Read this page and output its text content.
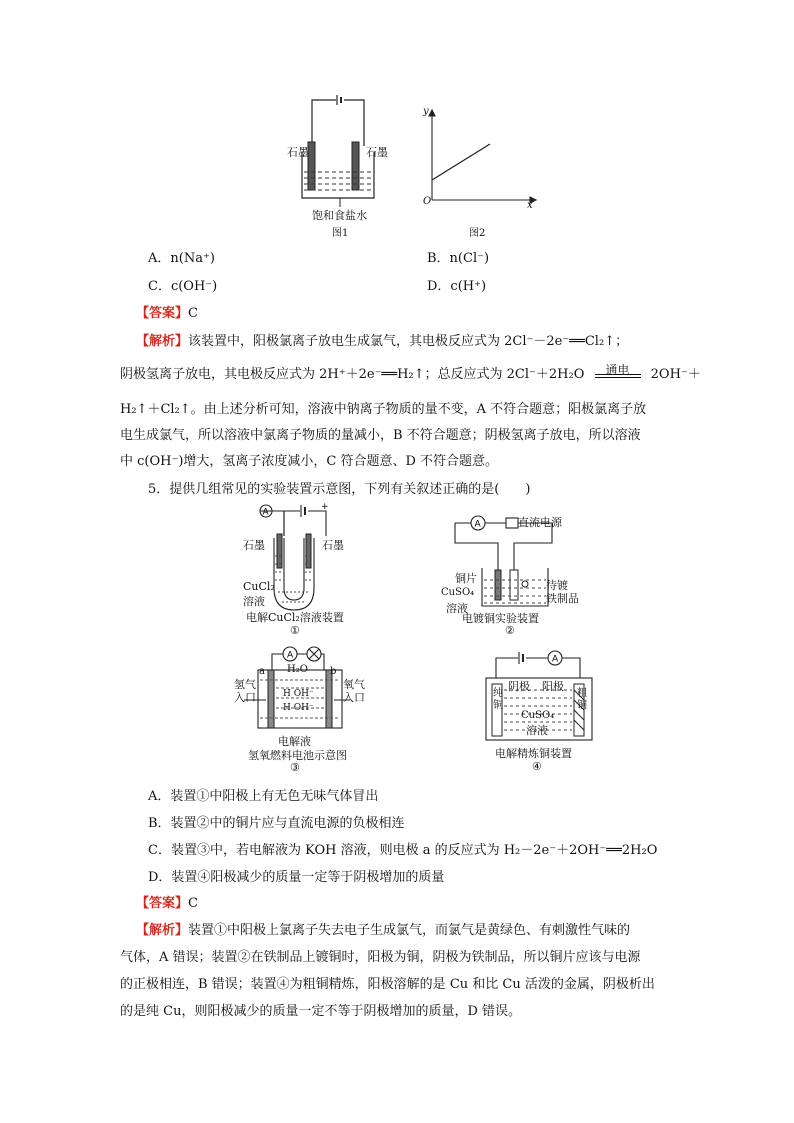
石墨	石墨
饱和食盐水
图1
y
O	x
图2
A．n(Na⁺)	B．n(Cl⁻)
C．c(OH⁻)	D．c(H⁺)
【答案】C
【解析】该装置中，阳极氯离子放电生成氯气，其电极反应式为 2Cl⁻－2e⁻══Cl₂↑；
阴极氢离子放电，其电极反应式为 2H⁺＋2e⁻══H₂↑；总反应式为 2Cl⁻＋2H₂O	通电	2OH⁻＋
H₂↑＋Cl₂↑。由上述分析可知，溶液中钠离子物质的量不变，A 不符合题意；阳极氯离子放
电生成氯气，所以溶液中氯离子物质的量减小，B 不符合题意；阴极氢离子放电，所以溶液
中 c(OH⁻)增大，氢离子浓度减小，C 符合题意、D 不符合题意。
5．提供几组常见的实验装置示意图，下列有关叙述正确的是(　　)
A
+
石墨	石墨
CuCl₂
溶液
电解CuCl₂溶液装置
①
A	直流电源
铜片
CuSO₄
溶液
待镀
铁制品
电镀铜实验装置
②
A
a	b
H₂O
氢气
入口
氧气
入口
H OH⁻
H OH⁻
电解液
氢氧燃料电池示意图
③
A
阴极 阳极
纯铜
粗铜
CuSO₄
溶液
电解精炼铜装置
④
A．装置①中阳极上有无色无味气体冒出
B．装置②中的铜片应与直流电源的负极相连
C．装置③中，若电解液为 KOH 溶液，则电极 a 的反应式为 H₂－2e⁻＋2OH⁻══2H₂O
D．装置④阳极减少的质量一定等于阴极增加的质量
【答案】C
【解析】装置①中阳极上氯离子失去电子生成氯气，而氯气是黄绿色、有刺激性气味的
气体，A 错误；装置②在铁制品上镀铜时，阳极为铜，阴极为铁制品，所以铜片应该与电源
的正极相连，B 错误；装置④为粗铜精炼，阳极溶解的是 Cu 和比 Cu 活泼的金属，阴极析出
的是纯 Cu，则阳极减少的质量一定不等于阴极增加的质量，D 错误。
